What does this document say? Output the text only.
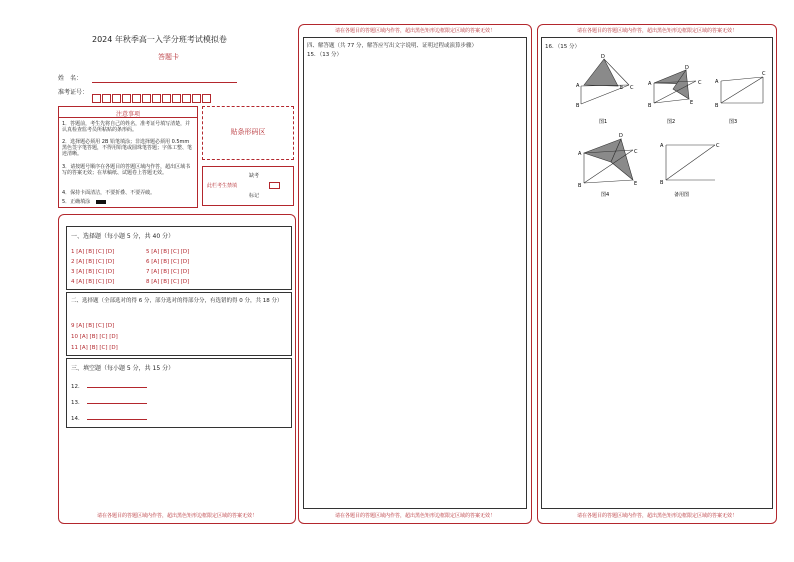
2024 年秋季高一入学分班考试模拟卷
答题卡
姓　名：
准考证号：
注意事项
1．答题前，考生先将自己的姓名，准考证号填写清楚，并认真检查监考员所粘贴的条形码。
2．选择题必须用 2B 铅笔填涂；非选择题必须用 0.5mm 黑色签字笔答题，不得用铅笔或圆珠笔答题；字体工整、笔迹清晰。
3．请按题号顺序在各题目的答题区域内作答，超出区域书写的答案无效；在草稿纸、试题卷上答题无效。
4．保持卡面清洁，不要折叠、不要弄破。
5．正确填涂
贴条形码区
缺考
此栏考生禁填
标记
一、选择题（每小题 5 分，共 40 分）
1 [A] [B] [C] [D]
2 [A] [B] [C] [D]
3 [A] [B] [C] [D]
4 [A] [B] [C] [D]
5 [A] [B] [C] [D]
6 [A] [B] [C] [D]
7 [A] [B] [C] [D]
8 [A] [B] [C] [D]
二、选择题（全部选对的得 6 分，部分选对的得部分分，有选错的得 0 分，共 18 分）
9 [A] [B] [C] [D]
10 [A] [B] [C] [D]
11 [A] [B] [C] [D]
三、填空题（每小题 5 分，共 15 分）
12．
13．
14．
请在各题目的答题区域内作答，超出黑色矩形边框限定区域的答案无效！
请在各题目的答题区域内作答，超出黑色矩形边框限定区域的答案无效！
四、解答题（共 77 分，解答应写出文字说明、证明过程或演算步骤）
15．（13 分）
请在各题目的答题区域内作答，超出黑色矩形边框限定区域的答案无效！
请在各题目的答题区域内作答，超出黑色矩形边框限定区域的答案无效！
16．（15 分）
D
A
B
E C
图1
A
B
D
C
E
图2
A
B
C
图3
D
A
B
C
E
图4
A
B
C
备用图
请在各题目的答题区域内作答，超出黑色矩形边框限定区域的答案无效！
